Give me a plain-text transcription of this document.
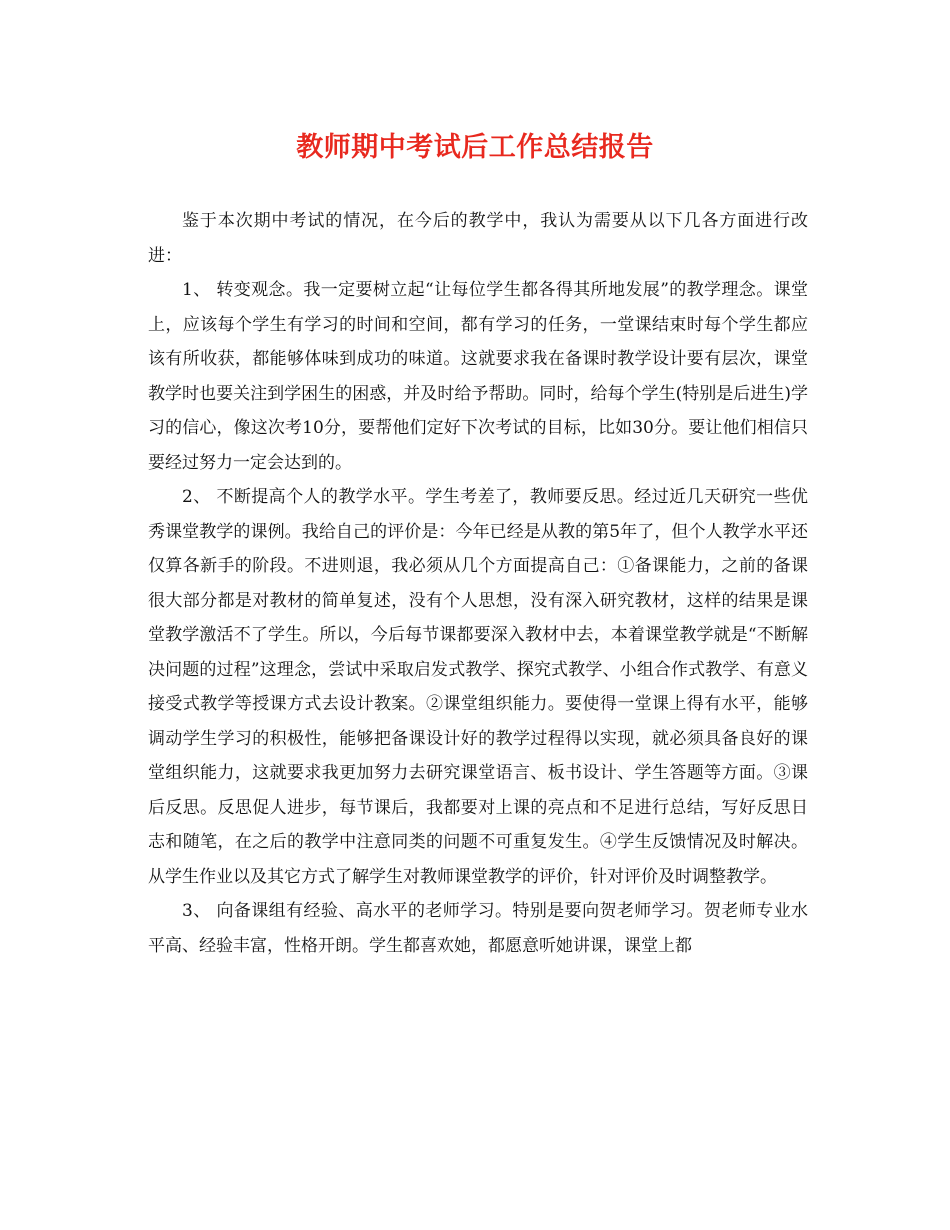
教师期中考试后工作总结报告

鉴于本次期中考试的情况，在今后的教学中，我认为需要从以下几各方面进行改进：

1、 转变观念。我一定要树立起“让每位学生都各得其所地发展”的教学理念。课堂上，应该每个学生有学习的时间和空间，都有学习的任务，一堂课结束时每个学生都应该有所收获，都能够体味到成功的味道。这就要求我在备课时教学设计要有层次，课堂教学时也要关注到学困生的困惑，并及时给予帮助。同时，给每个学生(特别是后进生)学习的信心，像这次考10分，要帮他们定好下次考试的目标，比如30分。要让他们相信只要经过努力一定会达到的。

2、 不断提高个人的教学水平。学生考差了，教师要反思。经过近几天研究一些优秀课堂教学的课例。我给自己的评价是：今年已经是从教的第5年了，但个人教学水平还仅算各新手的阶段。不进则退，我必须从几个方面提高自己：①备课能力，之前的备课很大部分都是对教材的简单复述，没有个人思想，没有深入研究教材，这样的结果是课堂教学激活不了学生。所以，今后每节课都要深入教材中去，本着课堂教学就是“不断解决问题的过程”这理念，尝试中采取启发式教学、探究式教学、小组合作式教学、有意义接受式教学等授课方式去设计教案。②课堂组织能力。要使得一堂课上得有水平，能够调动学生学习的积极性，能够把备课设计好的教学过程得以实现，就必须具备良好的课堂组织能力，这就要求我更加努力去研究课堂语言、板书设计、学生答题等方面。③课后反思。反思促人进步，每节课后，我都要对上课的亮点和不足进行总结，写好反思日志和随笔，在之后的教学中注意同类的问题不可重复发生。④学生反馈情况及时解决。从学生作业以及其它方式了解学生对教师课堂教学的评价，针对评价及时调整教学。

3、 向备课组有经验、高水平的老师学习。特别是要向贺老师学习。贺老师专业水平高、经验丰富，性格开朗。学生都喜欢她，都愿意听她讲课，课堂上都
